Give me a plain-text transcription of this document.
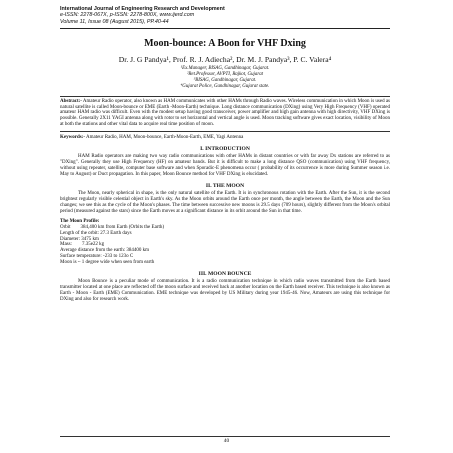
International Journal of Engineering Research and Development
e-ISSN: 2278-067X, p-ISSN: 2278-800X, www.ijerd.com
Volume 11, Issue 08 (August 2015), PP.40-44
Moon-bounce: A Boon for VHF Dxing
Dr. J. G Pandya¹, Prof. R. J. Adiecha², Dr. M. J. Pandya³, P. C. Valera⁴
¹Ex.Manager, BISAG, Gandhinagar, Gujarat.
²Ret.Professor, AVPTI, Rajkot, Gujarat
³BISAG, Gandhinagar, Gujarat.
⁴Gujarat Police, Gandhinagar, Gujarat state.

Abstract:- Amateur Radio operator, also known as HAM communicates with other HAMs through Radio waves. Wireless communication in which Moon is used as natural satellite is called Moon-bounce or EME (Earth -Moon-Earth) technique. Long distance communication (DXing) using Very High Frequency (VHF) operated amateur HAM radio was difficult. Even with the modest setup having good transceiver, power amplifier and high gain antenna with high directivity, VHF DXing is possible. Generally 2X11 YAGI antenna along with rotor to set horizontal and vertical angle is used. Moon tracking software gives exact location, visibility of Moon at both the stations and other vital data to acquire real time position of moon.

Keywords:- Amateur Radio, HAM, Moon-bounce, Earth-Moon-Earth, EME, Yagi Antenna
I. INTRODUCTION

HAM Radio operators are making two way radio communications with other HAMs in distant countries or with far away Dx stations are referred to as "DXing". Generally they use High Frequency (HF) on amateur bands. But it is difficult to make a long distance QSO (communication) using VHF frequency, without using repeater, satellite, computer base software and when Sporadic-E phenomena occur ( probability of its occurrence is more during Summer season i.e. May to August) or Duct propagation. In this paper, Moon Bounce method for VHF DXing is elucidated.

II. THE MOON

The Moon, nearly spherical in shape, is the only natural satellite of the Earth. It is in synchronous rotation with the Earth. After the Sun, it is the second brightest regularly visible celestial object in Earth's sky. As the Moon orbits around the Earth once per month, the angle between the Earth, the Moon and the Sun changes; we see this as the cycle of the Moon's phases. The time between successive new moons is 29.5 days (709 hours), slightly different from the Moon's orbital period (measured against the stars) since the Earth moves at a significant distance in its orbit around the Sun in that time.

The Moon Profile:
Orbit        384,400 km from Earth (Orbits the Earth)
Length of the orbit: 27.3 Earth days
Diameter: 3475 km
Mass:        7.35e22 kg
Average distance from the earth: 384400 km
Surface temperature: -233 to 123o C
Moon is ~ 1 degree wide when seen from earth
III. MOON BOUNCE

Moon Bounce is a peculiar mode of communication. It is a radio communication technique in which radio waves transmitted from the Earth based transmitter located at one place are reflected off the moon surface and received back at another location on the Earth based receiver. This technique is also known as Earth - Moon - Earth (EME) Communication. EME technique was developed by US Military during year 1945-46. Now, Amateurs are using this technique for DXing and also for research work.

40
